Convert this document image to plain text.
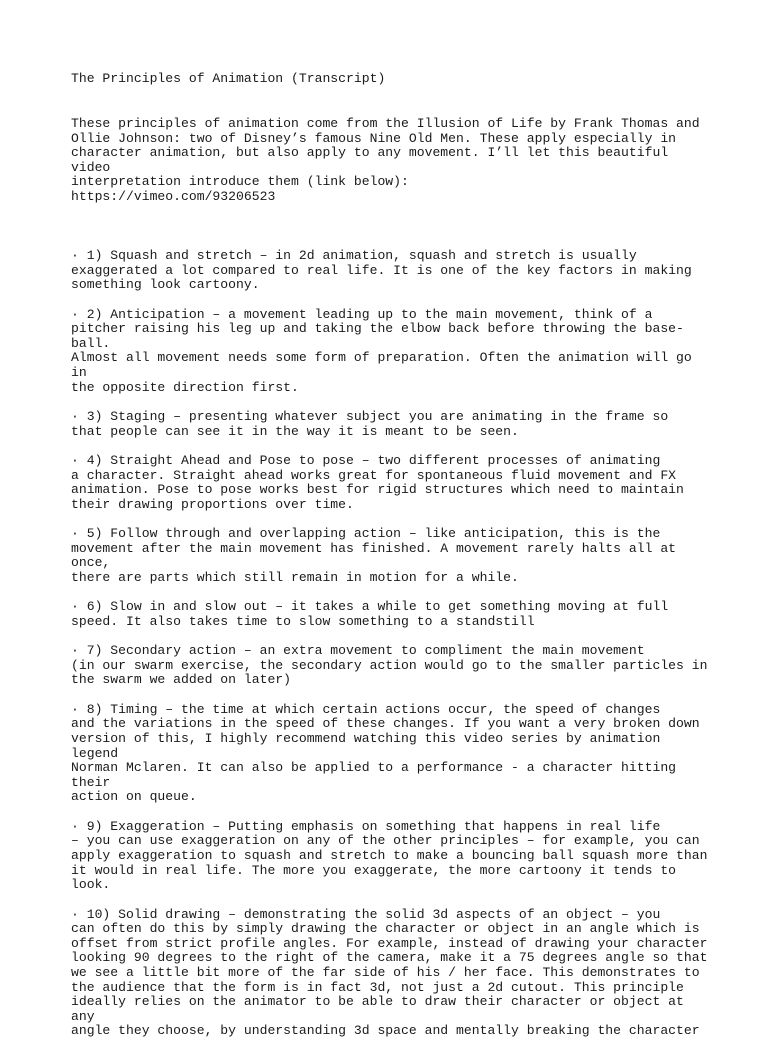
The Principles of Animation (Transcript)

These principles of animation come from the Illusion of Life by Frank Thomas and
Ollie Johnson: two of Disney’s famous Nine Old Men. These apply especially in
character animation, but also apply to any movement. I’ll let this beautiful video
interpretation introduce them (link below):

https://vimeo.com/93206523
· 1) Squash and stretch – in 2d animation, squash and stretch is usually
exaggerated a lot compared to real life. It is one of the key factors in making
something look cartoony.
· 2) Anticipation – a movement leading up to the main movement, think of a
pitcher raising his leg up and taking the elbow back before throwing the base-ball.
Almost all movement needs some form of preparation. Often the animation will go in
the opposite direction first.
· 3) Staging – presenting whatever subject you are animating in the frame so
that people can see it in the way it is meant to be seen.
· 4) Straight Ahead and Pose to pose – two different processes of animating
a character. Straight ahead works great for spontaneous fluid movement and FX
animation. Pose to pose works best for rigid structures which need to maintain
their drawing proportions over time.
· 5) Follow through and overlapping action – like anticipation, this is the
movement after the main movement has finished. A movement rarely halts all at once,
there are parts which still remain in motion for a while.
· 6) Slow in and slow out – it takes a while to get something moving at full
speed. It also takes time to slow something to a standstill
· 7) Secondary action – an extra movement to compliment the main movement
(in our swarm exercise, the secondary action would go to the smaller particles in
the swarm we added on later)
· 8) Timing – the time at which certain actions occur, the speed of changes
and the variations in the speed of these changes. If you want a very broken down
version of this, I highly recommend watching this video series by animation legend
Norman Mclaren. It can also be applied to a performance - a character hitting their
action on queue.
· 9) Exaggeration – Putting emphasis on something that happens in real life
– you can use exaggeration on any of the other principles – for example, you can
apply exaggeration to squash and stretch to make a bouncing ball squash more than
it would in real life. The more you exaggerate, the more cartoony it tends to look.
· 10) Solid drawing – demonstrating the solid 3d aspects of an object – you
can often do this by simply drawing the character or object in an angle which is
offset from strict profile angles. For example, instead of drawing your character
looking 90 degrees to the right of the camera, make it a 75 degrees angle so that
we see a little bit more of the far side of his / her face. This demonstrates to
the audience that the form is in fact 3d, not just a 2d cutout. This principle
ideally relies on the animator to be able to draw their character or object at any
angle they choose, by understanding 3d space and mentally breaking the character
